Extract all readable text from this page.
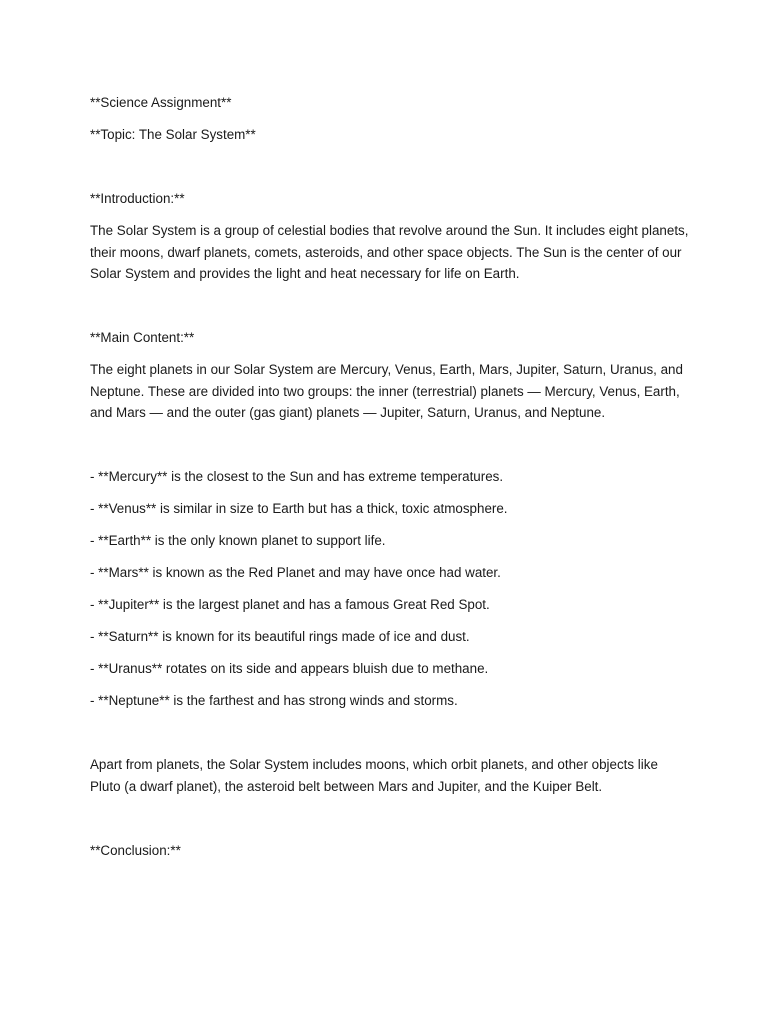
**Science Assignment**

**Topic: The Solar System**

**Introduction:**

The Solar System is a group of celestial bodies that revolve around the Sun. It includes eight planets, their moons, dwarf planets, comets, asteroids, and other space objects. The Sun is the center of our Solar System and provides the light and heat necessary for life on Earth.

**Main Content:**

The eight planets in our Solar System are Mercury, Venus, Earth, Mars, Jupiter, Saturn, Uranus, and Neptune. These are divided into two groups: the inner (terrestrial) planets — Mercury, Venus, Earth, and Mars — and the outer (gas giant) planets — Jupiter, Saturn, Uranus, and Neptune.

- **Mercury** is the closest to the Sun and has extreme temperatures.

- **Venus** is similar in size to Earth but has a thick, toxic atmosphere.

- **Earth** is the only known planet to support life.

- **Mars** is known as the Red Planet and may have once had water.

- **Jupiter** is the largest planet and has a famous Great Red Spot.

- **Saturn** is known for its beautiful rings made of ice and dust.

- **Uranus** rotates on its side and appears bluish due to methane.

- **Neptune** is the farthest and has strong winds and storms.

Apart from planets, the Solar System includes moons, which orbit planets, and other objects like Pluto (a dwarf planet), the asteroid belt between Mars and Jupiter, and the Kuiper Belt.

**Conclusion:**
